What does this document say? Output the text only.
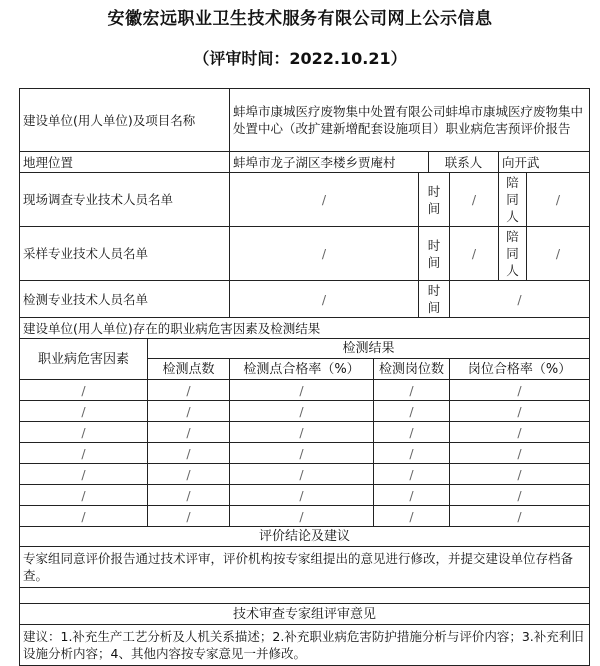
安徽宏远职业卫生技术服务有限公司网上公示信息
（评审时间：2022.10.21）
建设单位(用人单位)及项目名称		蚌埠市康城医疗废物集中处置有限公司蚌埠市康城医疗废物集中处置中心（改扩建新增配套设施项目）职业病危害预评价报告						
地理位置		蚌埠市龙子湖区李楼乡贾庵村			联系人		向开武	
现场调查专业技术人员名单		/		时间		/	陪同人	/
采样专业技术人员名单		/		时间		/	陪同人	/
检测专业技术人员名单		/		时间		/		
建设单位(用人单位)存在的职业病危害因素及检测结果								
职业病危害因素	检测结果							
	检测点数	检测点合格率（%）	检测岗位数			岗位合格率（%）		
/	/	/	/			/		
/	/	/	/			/		
/	/	/	/			/		
/	/	/	/			/		
/	/	/	/			/		
/	/	/	/			/		
/	/	/	/			/		
评价结论及建议								
专家组同意评价报告通过技术评审，评价机构按专家组提出的意见进行修改，并提交建设单位存档备查。								

技术审查专家组评审意见								
建议：1.补充生产工艺分析及人机关系描述；2.补充职业病危害防护措施分析与评价内容；3.补充利旧设施分析内容；4、其他内容按专家意见一并修改。								
